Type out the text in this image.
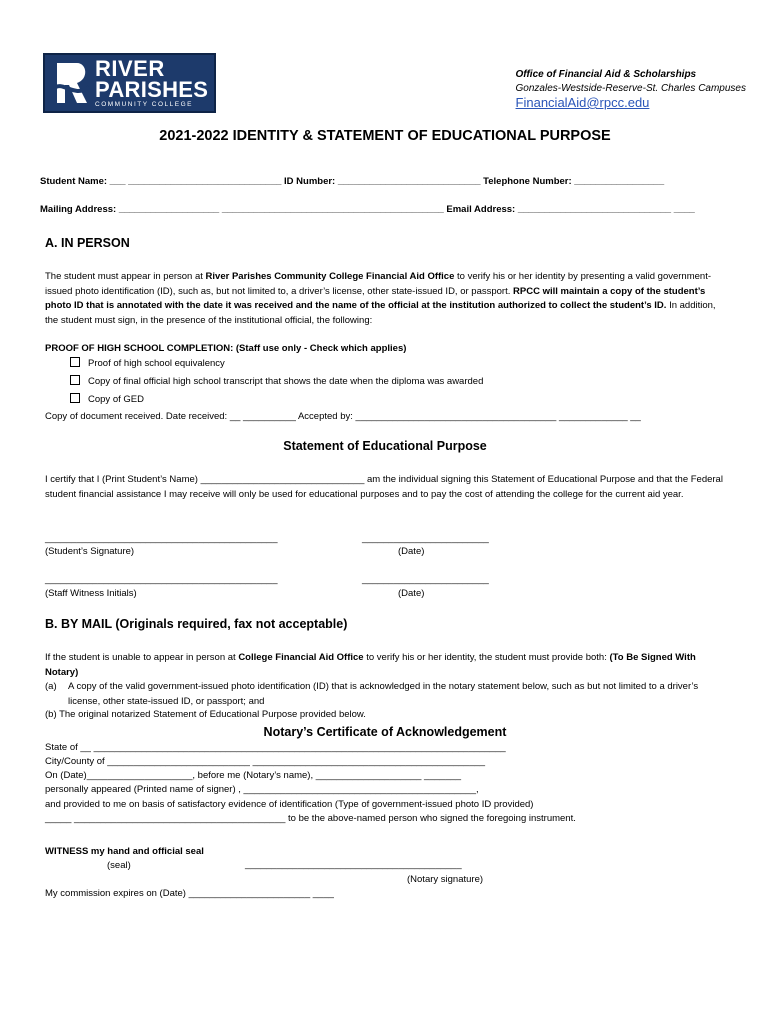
RIVER
PARISHES
COMMUNITY COLLEGE
Office of Financial Aid & Scholarships
Gonzales-Westside-Reserve-St. Charles Campuses
FinancialAid@rpcc.edu
2021-2022 IDENTITY & STATEMENT OF EDUCATIONAL PURPOSE
Student Name: ___ _____________________________ ID Number: ___________________________ Telephone Number: _________________
Mailing Address: ___________________ __________________________________________ Email Address: _____________________________ ____
A. IN PERSON
The student must appear in person at River Parishes Community College Financial Aid Office to verify his or her identity by presenting a valid government-issued photo identification (ID), such as, but not limited to, a driver’s license, other state-issued ID, or passport. RPCC will maintain a copy of the student’s photo ID that is annotated with the date it was received and the name of the official at the institution authorized to collect the student’s ID. In addition, the student must sign, in the presence of the institutional official, the following:
PROOF OF HIGH SCHOOL COMPLETION: (Staff use only - Check which applies)
Proof of high school equivalency
Copy of final official high school transcript that shows the date when the diploma was awarded
Copy of GED
Copy of document received. Date received: __ __________ Accepted by: ______________________________________ _____________ __
Statement of Educational Purpose
I certify that I (Print Student’s Name) _______________________________ am the individual signing this Statement of Educational Purpose and that the Federal student financial assistance I may receive will only be used for educational purposes and to pay the cost of attending the college for the current aid year.
____________________________________________	________________________
(Student’s Signature)	(Date)
____________________________________________	________________________
(Staff Witness Initials)	(Date)
B. BY MAIL (Originals required, fax not acceptable)
If the student is unable to appear in person at College Financial Aid Office to verify his or her identity, the student must provide both: (To Be Signed With Notary)
(a) A copy of the valid government-issued photo identification (ID) that is acknowledged in the notary statement below, such as but not limited to a driver’s license, other state-issued ID, or passport; and
(b) The original notarized Statement of Educational Purpose provided below.
Notary’s Certificate of Acknowledgement
State of __ ______________________________________________________________________________
City/County of ___________________________ ____________________________________________
On (Date)____________________, before me (Notary’s name), ____________________ _______
personally appeared (Printed name of signer) , ____________________________________________,
and provided to me on basis of satisfactory evidence of identification (Type of government-issued photo ID provided)
_____ ________________________________________ to be the above-named person who signed the foregoing instrument.
WITNESS my hand and official seal
(seal)	_________________________________________
(Notary signature)
My commission expires on (Date) _______________________ ____
